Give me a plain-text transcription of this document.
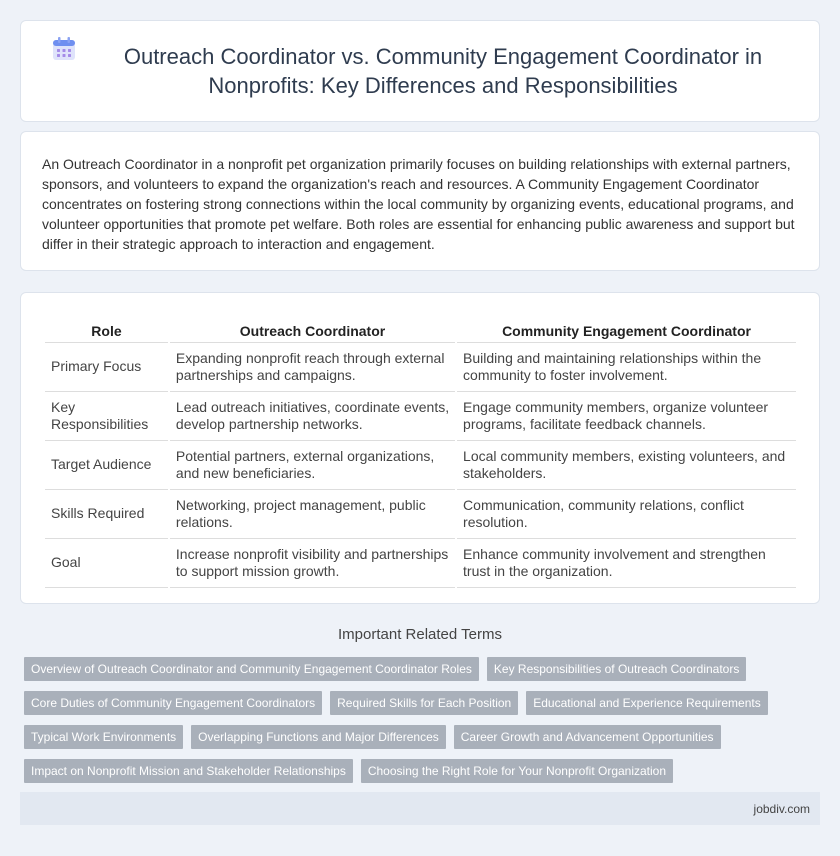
Outreach Coordinator vs. Community Engagement Coordinator in Nonprofits: Key Differences and Responsibilities

An Outreach Coordinator in a nonprofit pet organization primarily focuses on building relationships with external partners, sponsors, and volunteers to expand the organization's reach and resources. A Community Engagement Coordinator concentrates on fostering strong connections within the local community by organizing events, educational programs, and volunteer opportunities that promote pet welfare. Both roles are essential for enhancing public awareness and support but differ in their strategic approach to interaction and engagement.

Role	Outreach Coordinator	Community Engagement Coordinator
Primary Focus	Expanding nonprofit reach through external partnerships and campaigns.	Building and maintaining relationships within the community to foster involvement.
Key Responsibilities	Lead outreach initiatives, coordinate events, develop partnership networks.	Engage community members, organize volunteer programs, facilitate feedback channels.
Target Audience	Potential partners, external organizations, and new beneficiaries.	Local community members, existing volunteers, and stakeholders.
Skills Required	Networking, project management, public relations.	Communication, community relations, conflict resolution.
Goal	Increase nonprofit visibility and partnerships to support mission growth.	Enhance community involvement and strengthen trust in the organization.
Important Related Terms
Overview of Outreach Coordinator and Community Engagement Coordinator Roles	Key Responsibilities of Outreach Coordinators
Core Duties of Community Engagement Coordinators	Required Skills for Each Position	Educational and Experience Requirements
Typical Work Environments	Overlapping Functions and Major Differences	Career Growth and Advancement Opportunities
Impact on Nonprofit Mission and Stakeholder Relationships	Choosing the Right Role for Your Nonprofit Organization
jobdiv.com
